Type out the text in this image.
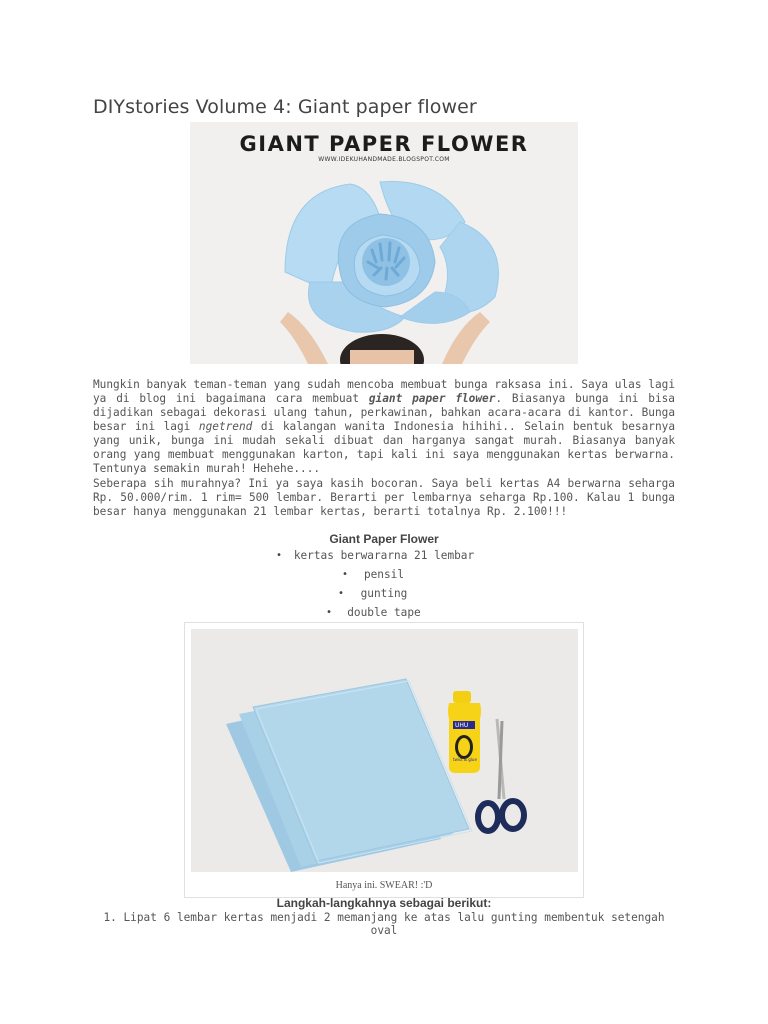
DIYstories Volume 4: Giant paper flower
GIANT PAPER FLOWER
WWW.IDEKUHANDMADE.BLOGSPOT.COM

Mungkin banyak teman-teman yang sudah mencoba membuat bunga raksasa ini. Saya ulas lagi ya di blog ini bagaimana cara membuat giant paper flower. Biasanya bunga ini bisa dijadikan sebagai dekorasi ulang tahun, perkawinan, bahkan acara-acara di kantor. Bunga besar ini lagi ngetrend di kalangan wanita Indonesia hihihi.. Selain bentuk besarnya yang unik, bunga ini mudah sekali dibuat dan harganya sangat murah. Biasanya banyak orang yang membuat menggunakan karton, tapi kali ini saya menggunakan kertas berwarna. Tentunya semakin murah! Hehehe....

Seberapa sih murahnya? Ini ya saya kasih bocoran. Saya beli kertas A4 berwarna seharga Rp. 50.000/rim. 1 rim= 500 lembar. Berarti per lembarnya seharga Rp.100. Kalau 1 bunga besar hanya menggunakan 21 lembar kertas, berarti totalnya Rp. 2.100!!!

Giant Paper Flower

• kertas berwararna 21 lembar
• pensil
• gunting
• double tape
UHU
twist & glue
Hanya ini. SWEAR! :'D

Langkah-langkahnya sebagai berikut:

1. Lipat 6 lembar kertas menjadi 2 memanjang ke atas lalu gunting membentuk setengah oval
